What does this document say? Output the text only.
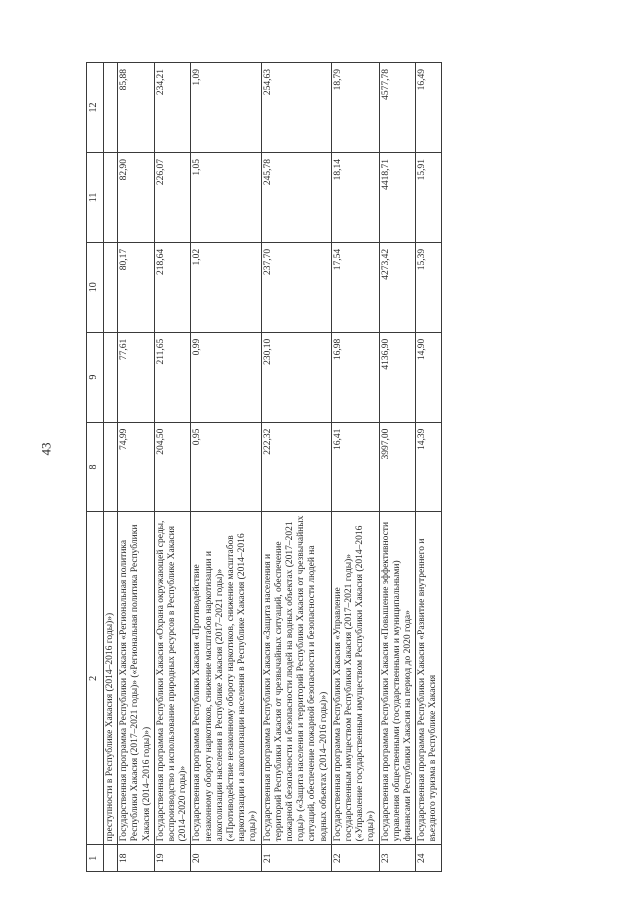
43
1	2	8	9	10	11	12
	преступности в Республике Хакасия (2014–2016 годы)»)					
18	Государственная программа Республики Хакасия «Региональная политика Республики Хакасия (2017–2021 годы)» («Региональная политика Республики Хакасия (2014–2016 годы)»)	74,99	77,61	80,17	82,90	85,88
19	Государственная программа Республики Хакасия «Охрана окружающей среды, воспроизводство и использование природных ресурсов в Республике Хакасия (2014–2020 годы)»	204,50	211,65	218,64	226,07	234,21
20	Государственная программа Республики Хакасия «Противодействие незаконному обороту наркотиков, снижение масштабов наркотизации и алкоголизации населения в Республике Хакасия (2017–2021 годы)» («Противодействие незаконному обороту наркотиков, снижение масштабов наркотизации и алкоголизации населения в Республике Хакасия (2014–2016 годы)»)	0,95	0,99	1,02	1,05	1,09
21	Государственная программа Республики Хакасия «Защита населения и территорий Республики Хакасия от чрезвычайных ситуаций, обеспечение пожарной безопасности и безопасности людей на водных объектах (2017–2021 годы)» («Защита населения и территорий Республики Хакасия от чрезвычайных ситуаций, обеспечение пожарной безопасности и безопасности людей на водных объектах (2014–2016 годы)»)	222,32	230,10	237,70	245,78	254,63
22	Государственная программа Республики Хакасия «Управление государственным имуществом Республики Хакасия (2017–2021 годы)» («Управление государственным имуществом Республики Хакасия (2014–2016 годы)»)	16,41	16,98	17,54	18,14	18,79
23	Государственная программа Республики Хакасия «Повышение эффективности управления общественными (государственными и муниципальными) финансами Республики Хакасия на период до 2020 года»	3997,00	4136,90	4273,42	4418,71	4577,78
24	Государственная программа Республики Хакасия «Развитие внутреннего и въездного туризма в Республике Хакасия	14,39	14,90	15,39	15,91	16,49
